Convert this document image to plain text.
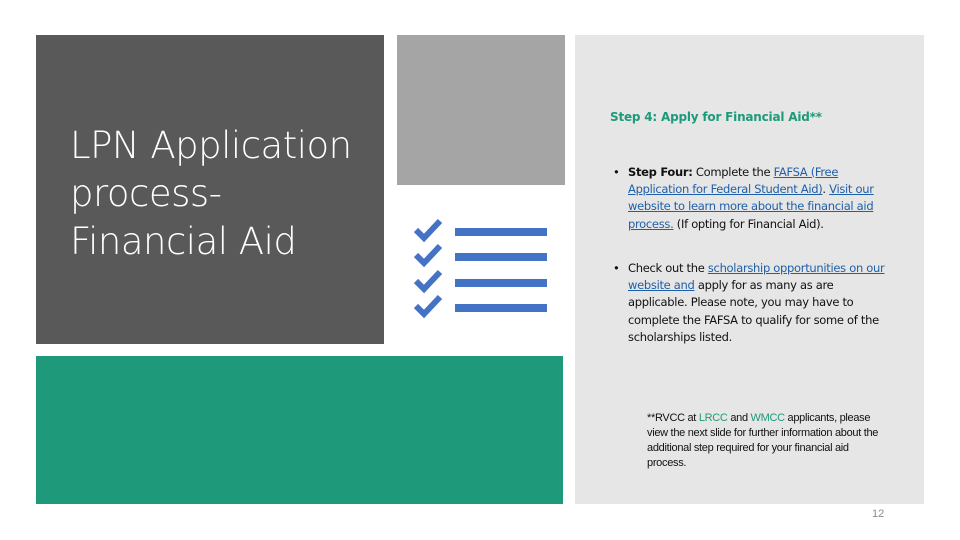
LPN Application
process-
Financial Aid
Step 4: Apply for Financial Aid**
• Step Four: Complete the FAFSA (Free Application for Federal Student Aid). Visit our website to learn more about the financial aid process. (If opting for Financial Aid).
• Check out the scholarship opportunities on our website and apply for as many as are applicable. Please note, you may have to complete the FAFSA to qualify for some of the scholarships listed.
**RVCC at LRCC and WMCC applicants, please view the next slide for further information about the additional step required for your financial aid process.
12
